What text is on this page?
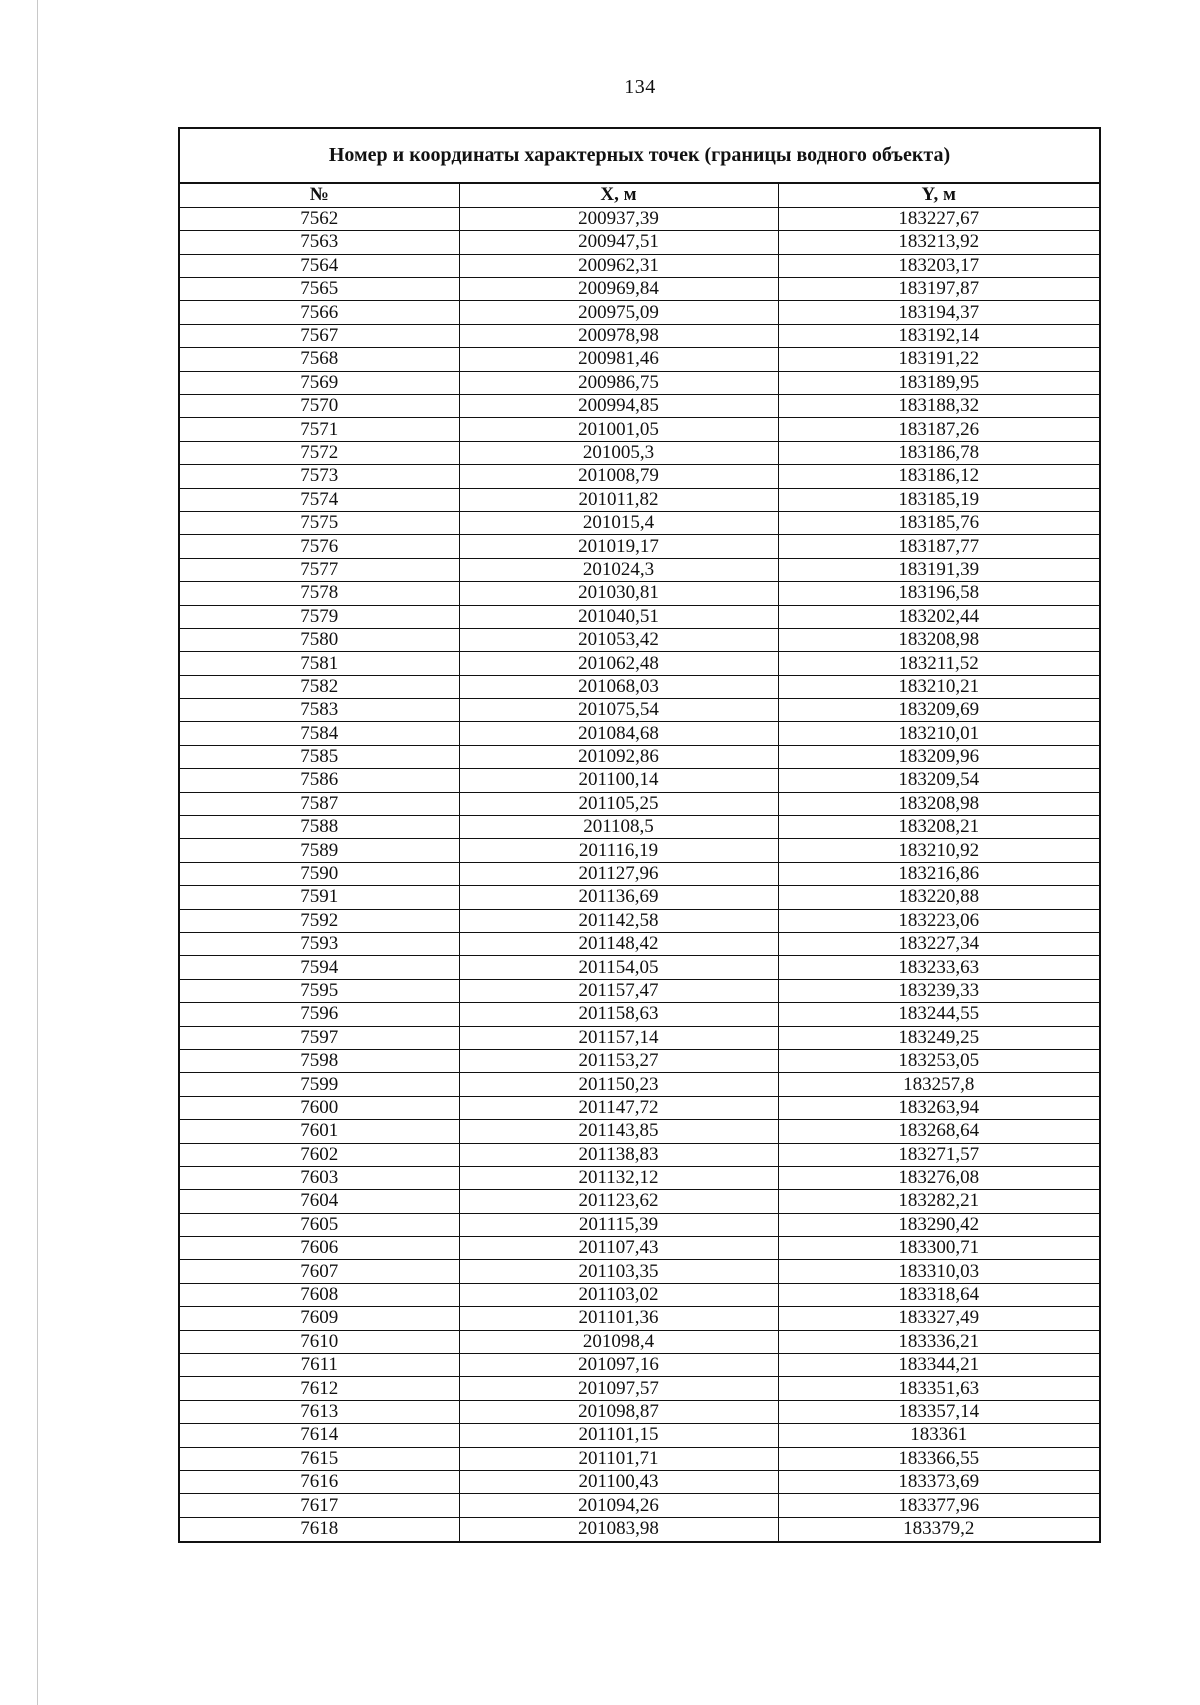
134
Номер и координаты характерных точек (границы водного объекта)
№	X, м	Y, м
7562	200937,39	183227,67
7563	200947,51	183213,92
7564	200962,31	183203,17
7565	200969,84	183197,87
7566	200975,09	183194,37
7567	200978,98	183192,14
7568	200981,46	183191,22
7569	200986,75	183189,95
7570	200994,85	183188,32
7571	201001,05	183187,26
7572	201005,3	183186,78
7573	201008,79	183186,12
7574	201011,82	183185,19
7575	201015,4	183185,76
7576	201019,17	183187,77
7577	201024,3	183191,39
7578	201030,81	183196,58
7579	201040,51	183202,44
7580	201053,42	183208,98
7581	201062,48	183211,52
7582	201068,03	183210,21
7583	201075,54	183209,69
7584	201084,68	183210,01
7585	201092,86	183209,96
7586	201100,14	183209,54
7587	201105,25	183208,98
7588	201108,5	183208,21
7589	201116,19	183210,92
7590	201127,96	183216,86
7591	201136,69	183220,88
7592	201142,58	183223,06
7593	201148,42	183227,34
7594	201154,05	183233,63
7595	201157,47	183239,33
7596	201158,63	183244,55
7597	201157,14	183249,25
7598	201153,27	183253,05
7599	201150,23	183257,8
7600	201147,72	183263,94
7601	201143,85	183268,64
7602	201138,83	183271,57
7603	201132,12	183276,08
7604	201123,62	183282,21
7605	201115,39	183290,42
7606	201107,43	183300,71
7607	201103,35	183310,03
7608	201103,02	183318,64
7609	201101,36	183327,49
7610	201098,4	183336,21
7611	201097,16	183344,21
7612	201097,57	183351,63
7613	201098,87	183357,14
7614	201101,15	183361
7615	201101,71	183366,55
7616	201100,43	183373,69
7617	201094,26	183377,96
7618	201083,98	183379,2
